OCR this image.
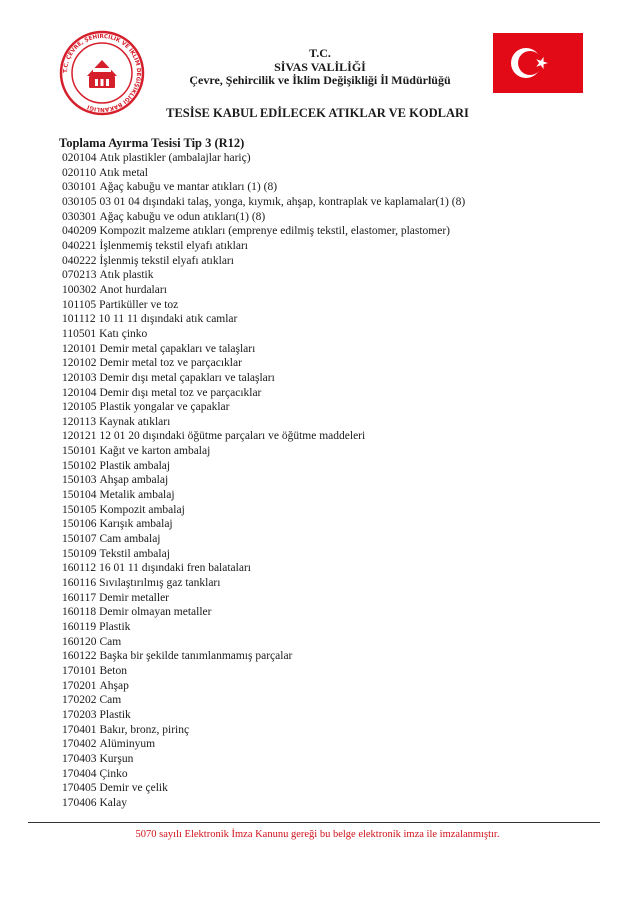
T.C. ÇEVRE, ŞEHİRCİLİK VE İKLİM DEĞİŞİKLİĞİ BAKANLIĞI
T.C.
SİVAS VALİLİĞİ
Çevre, Şehircilik ve İklim Değişikliği İl Müdürlüğü
TESİSE KABUL EDİLECEK ATIKLAR VE KODLARI
Toplama Ayırma Tesisi Tip 3 (R12)
020104 Atık plastikler (ambalajlar hariç)
020110 Atık metal
030101 Ağaç kabuğu ve mantar atıkları (1) (8)
030105 03 01 04 dışındaki talaş, yonga, kıymık, ahşap, kontraplak ve kaplamalar(1) (8)
030301 Ağaç kabuğu ve odun atıkları(1) (8)
040209 Kompozit malzeme atıkları (emprenye edilmiş tekstil, elastomer, plastomer)
040221 İşlenmemiş tekstil elyafı atıkları
040222 İşlenmiş tekstil elyafı atıkları
070213 Atık plastik
100302 Anot hurdaları
101105 Partiküller ve toz
101112 10 11 11 dışındaki atık camlar
110501 Katı çinko
120101 Demir metal çapakları ve talaşları
120102 Demir metal toz ve parçacıklar
120103 Demir dışı metal çapakları ve talaşları
120104 Demir dışı metal toz ve parçacıklar
120105 Plastik yongalar ve çapaklar
120113 Kaynak atıkları
120121 12 01 20 dışındaki öğütme parçaları ve öğütme maddeleri
150101 Kağıt ve karton ambalaj
150102 Plastik ambalaj
150103 Ahşap ambalaj
150104 Metalik ambalaj
150105 Kompozit ambalaj
150106 Karışık ambalaj
150107 Cam ambalaj
150109 Tekstil ambalaj
160112 16 01 11 dışındaki fren balataları
160116 Sıvılaştırılmış gaz tankları
160117 Demir metaller
160118 Demir olmayan metaller
160119 Plastik
160120 Cam
160122 Başka bir şekilde tanımlanmamış parçalar
170101 Beton
170201 Ahşap
170202 Cam
170203 Plastik
170401 Bakır, bronz, pirinç
170402 Alüminyum
170403 Kurşun
170404 Çinko
170405 Demir ve çelik
170406 Kalay
5070 sayılı Elektronik İmza Kanunu gereği bu belge elektronik imza ile imzalanmıştır.
